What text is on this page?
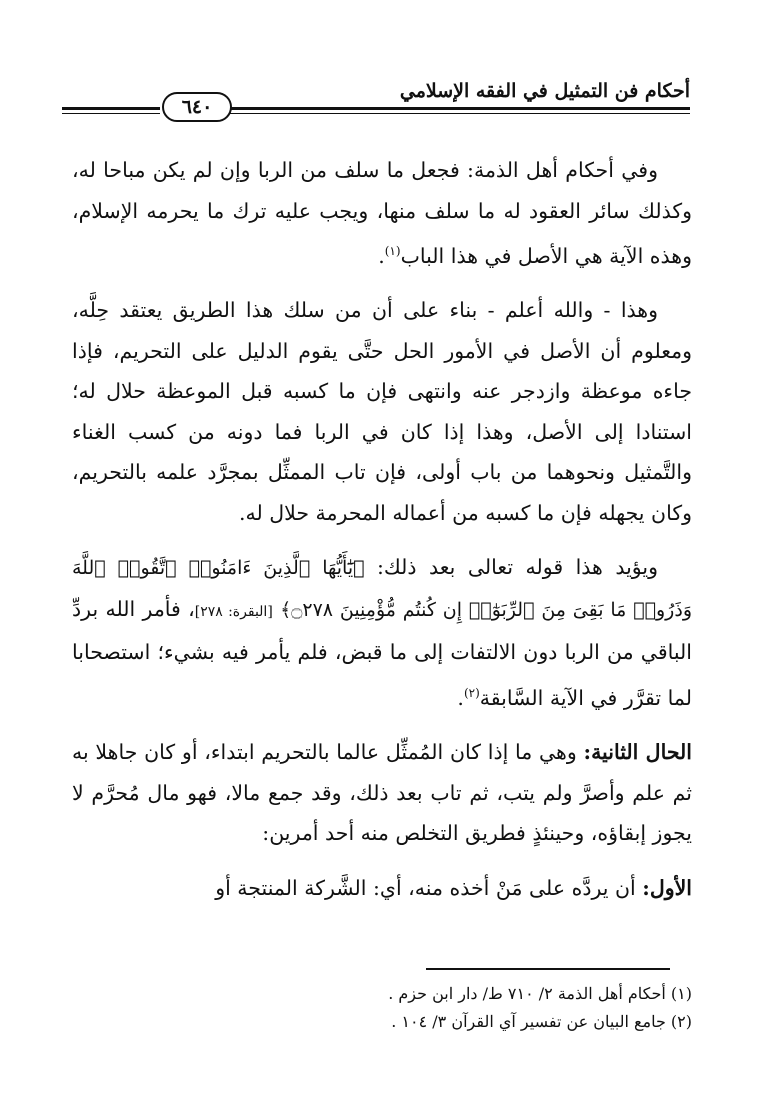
أحكام فن التمثيل في الفقه الإسلامي
٦٤٠

وفي أحكام أهل الذمة: فجعل ما سلف من الربا وإن لم يكن مباحا له، وكذلك سائر العقود له ما سلف منها، ويجب عليه ترك ما يحرمه الإسلام، وهذه الآية هي الأصل في هذا الباب$^{(١)}$.

وهذا - والله أعلم - بناء على أن من سلك هذا الطريق يعتقد حِلَّه، ومعلوم أن الأصل في الأمور الحل حتَّى يقوم الدليل على التحريم، فإذا جاءه موعظة وازدجر عنه وانتهى فإن ما كسبه قبل الموعظة حلال له؛ استنادا إلى الأصل، وهذا إذا كان في الربا فما دونه من كسب الغناء والتَّمثيل ونحوهما من باب أولى، فإن تاب الممثِّل بمجرَّد علمه بالتحريم، وكان يجهله فإن ما كسبه من أعماله المحرمة حلال له.

ويؤيد هذا قوله تعالى بعد ذلك: ﴿يَٰٓأَيُّهَا ٱلَّذِينَ ءَامَنُوا۟ ٱتَّقُوا۟ ٱللَّهَ وَذَرُوا۟ مَا بَقِىَ مِنَ ٱلرِّبَوٰٓا۟ إِن كُنتُم مُّؤْمِنِينَ ۝٢٧٨﴾ [البقرة: ٢٧٨]، فأمر الله بردِّ الباقي من الربا دون الالتفات إلى ما قبض، فلم يأمر فيه بشيء؛ استصحابا لما تقرَّر في الآية السَّابقة$^{(٢)}$.

الحال الثانية: وهي ما إذا كان المُمثِّل عالما بالتحريم ابتداء، أو كان جاهلا به ثم علم وأصرَّ ولم يتب، ثم تاب بعد ذلك، وقد جمع مالا، فهو مال مُحرَّم لا يجوز إبقاؤه، وحينئذٍ فطريق التخلص منه أحد أمرين:

الأول: أن يردَّه على مَنْ أخذه منه، أي: الشَّركة المنتجة أو

(١) أحكام أهل الذمة ٢/ ٧١٠ ط/ دار ابن حزم .
(٢) جامع البيان عن تفسير آي القرآن ٣/ ١٠٤ .
